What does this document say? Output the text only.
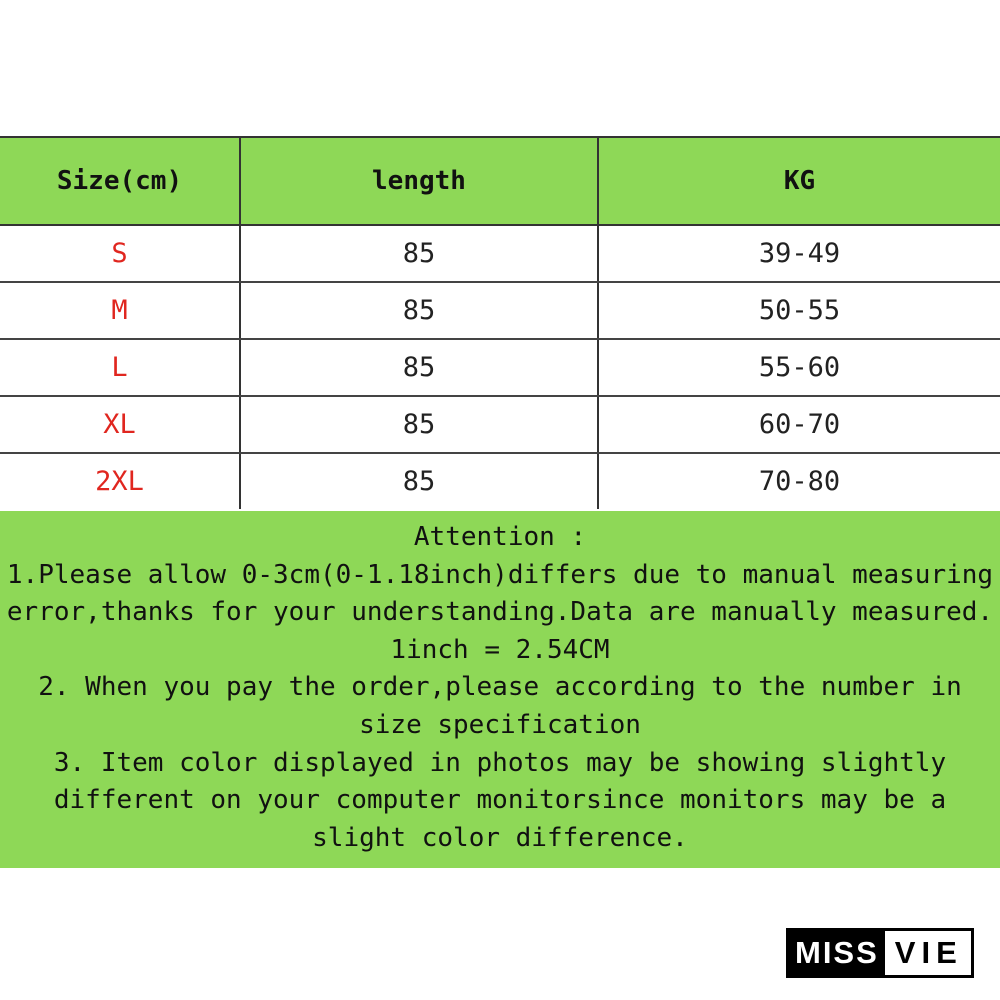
Size(cm)	length	KG
S	85	39-49
M	85	50-55
L	85	55-60
XL	85	60-70
2XL	85	70-80
Attention :
1.Please allow 0-3cm(0-1.18inch)differs due to manual measuring
error,thanks for your understanding.Data are manually measured.
1inch = 2.54CM
2. When you pay the order,please according to the number in
size specification
3. Item color displayed in photos may be showing slightly
different on your computer monitorsince monitors may be a
slight color difference.
MISS VIE
